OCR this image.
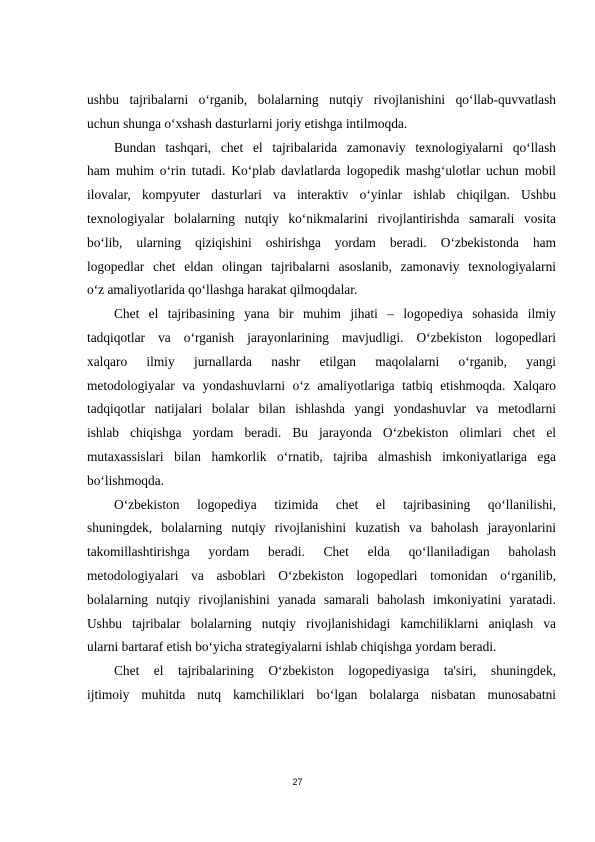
ushbu tajribalarni o‘rganib, bolalarning nutqiy rivojlanishini qo‘llab-quvvatlash
uchun shunga o‘xshash dasturlarni joriy etishga intilmoqda.
Bundan tashqari, chet el tajribalarida zamonaviy texnologiyalarni qo‘llash
ham muhim o‘rin tutadi. Ko‘plab davlatlarda logopedik mashg‘ulotlar uchun mobil
ilovalar, kompyuter dasturlari va interaktiv o‘yinlar ishlab chiqilgan. Ushbu
texnologiyalar bolalarning nutqiy ko‘nikmalarini rivojlantirishda samarali vosita
bo‘lib, ularning qiziqishini oshirishga yordam beradi. O‘zbekistonda ham
logopedlar chet eldan olingan tajribalarni asoslanib, zamonaviy texnologiyalarni
o‘z amaliyotlarida qo‘llashga harakat qilmoqdalar.
Chet el tajribasining yana bir muhim jihati – logopediya sohasida ilmiy
tadqiqotlar va o‘rganish jarayonlarining mavjudligi. O‘zbekiston logopedlari
xalqaro ilmiy jurnallarda nashr etilgan maqolalarni o‘rganib, yangi
metodologiyalar va yondashuvlarni o‘z amaliyotlariga tatbiq etishmoqda. Xalqaro
tadqiqotlar natijalari bolalar bilan ishlashda yangi yondashuvlar va metodlarni
ishlab chiqishga yordam beradi. Bu jarayonda O‘zbekiston olimlari chet el
mutaxassislari bilan hamkorlik o‘rnatib, tajriba almashish imkoniyatlariga ega
bo‘lishmoqda.
O‘zbekiston logopediya tizimida chet el tajribasining qo‘llanilishi,
shuningdek, bolalarning nutqiy rivojlanishini kuzatish va baholash jarayonlarini
takomillashtirishga yordam beradi. Chet elda qo‘llaniladigan baholash
metodologiyalari va asboblari O‘zbekiston logopedlari tomonidan o‘rganilib,
bolalarning nutqiy rivojlanishini yanada samarali baholash imkoniyatini yaratadi.
Ushbu tajribalar bolalarning nutqiy rivojlanishidagi kamchiliklarni aniqlash va
ularni bartaraf etish bo‘yicha strategiyalarni ishlab chiqishga yordam beradi.
Chet el tajribalarining O‘zbekiston logopediyasiga ta'siri, shuningdek,
ijtimoiy muhitda nutq kamchiliklari bo‘lgan bolalarga nisbatan munosabatni
27
